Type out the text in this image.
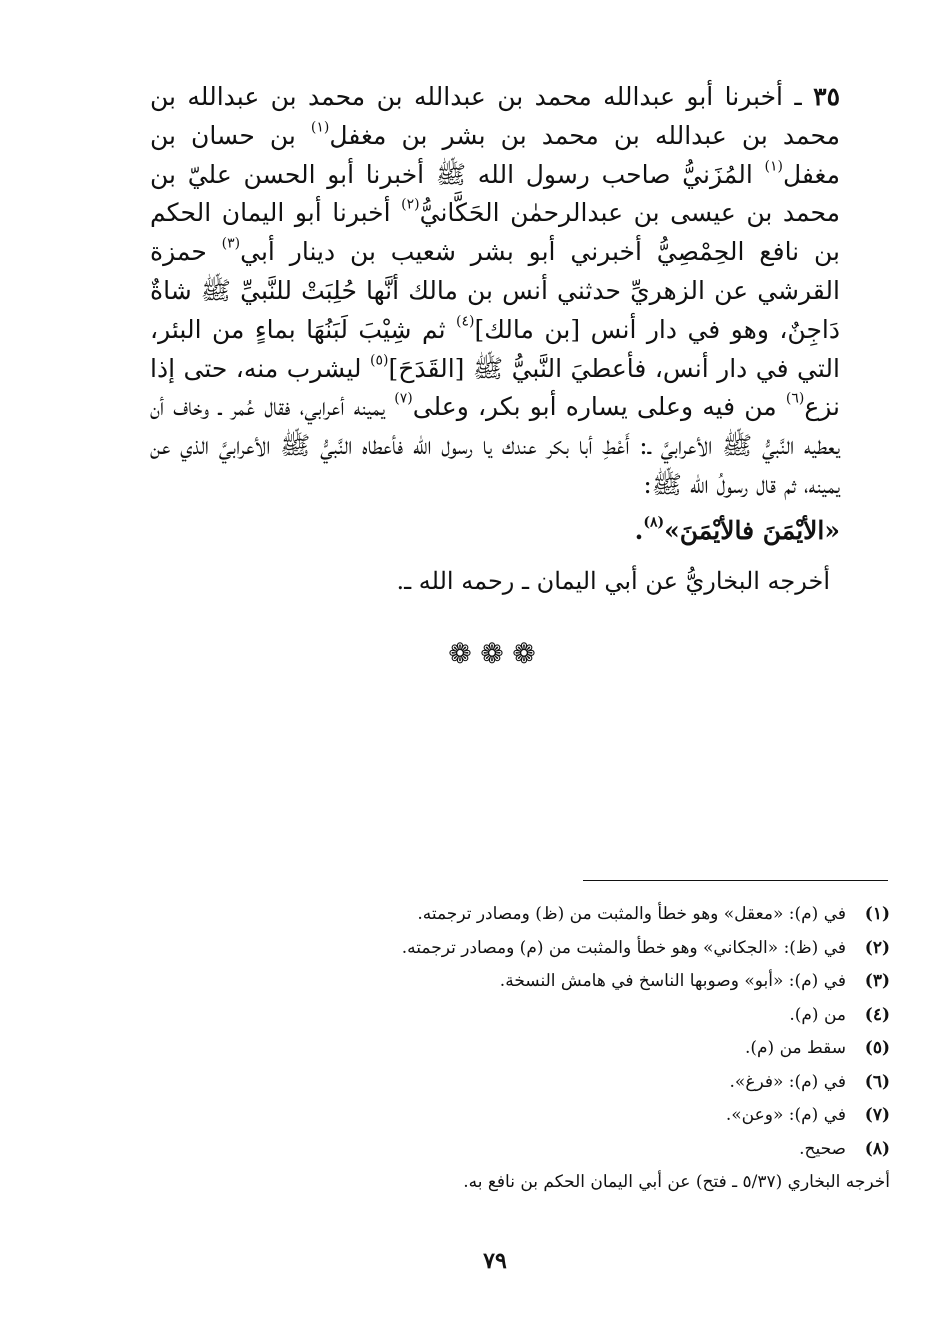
٣٥ ـ أخبرنا أبو عبدالله محمد بن عبدالله بن محمد بن عبدالله بن محمد بن عبدالله بن محمد بن بشر بن مغفل$^{(١)}$ بن حسان بن مغفل$^{(١)}$ المُزَنيُّ صاحب رسول الله ﷺ أخبرنا أبو الحسن عليّ بن محمد بن عيسى بن عبدالرحمٰن الحَكَّانيُّ$^{(٢)}$ أخبرنا أبو اليمان الحكم بن نافع الحِمْصِيُّ أخبرني أبو بشر شعيب بن دينار أبي$^{(٣)}$ حمزة القرشي عن الزهريِّ حدثني أنس بن مالك أنَّها حُلِبَتْ للنَّبيِّ ﷺ شاةٌ دَاجِنٌ، وهو في دار أنس [بن مالك]$^{(٤)}$ ثم شِيْبَ لَبَنُهَا بماءٍ من البئر، التي في دار أنس، فأعطيَ النَّبيُّ ﷺ [القَدَحَ]$^{(٥)}$ ليشرب منه، حتى إذا نزع$^{(٦)}$ من فيه وعلى يساره أبو بكر، وعلى$^{(٧)}$ يمينه أعرابي، فقال عُمر ـ وخاف أن يعطيه النَّبيُّ ﷺ الأعرابيَّ ـ: أَعْطِ أبا بكر عندك يا رسول الله فأعطاه النَّبيُّ ﷺ الأعرابيَّ الذي عن يمينه، ثم قال رسولُ الله ﷺ:

«الأيْمَنَ فالأيْمَنَ»$^{(٨)}$.
أخرجه البخاريُّ عن أبي اليمان ـ رحمه الله ـ.
❁❁❁
(١)
في (م): «معقل» وهو خطأ والمثبت من (ظ) ومصادر ترجمته.
(٢)
في (ظ): «الجكاني» وهو خطأ والمثبت من (م) ومصادر ترجمته.
(٣)
في (م): «أبو» وصوبها الناسخ في هامش النسخة.
(٤)
من (م).
(٥)
سقط من (م).
(٦)
في (م): «فرغ».
(٧)
في (م): «وعن».
(٨)
صحيح.
أخرجه البخاري (٥/٣٧ ـ فتح) عن أبي اليمان الحكم بن نافع به.
٧٩
